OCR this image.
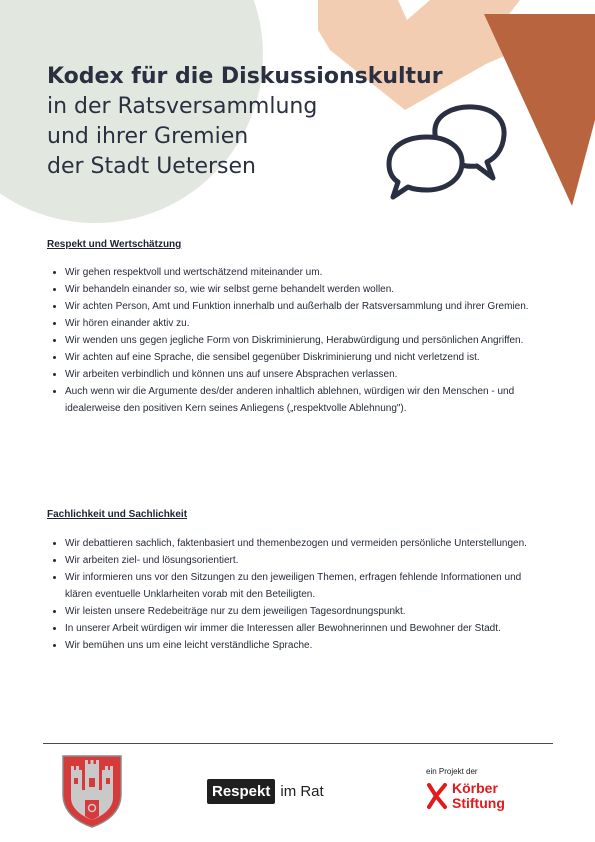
Kodex für die Diskussionskultur
in der Ratsversammlung
und ihrer Gremien
der Stadt Uetersen
Respekt und Wertschätzung
Wir gehen respektvoll und wertschätzend miteinander um.
Wir behandeln einander so, wie wir selbst gerne behandelt werden wollen.
Wir achten Person, Amt und Funktion innerhalb und außerhalb der Ratsversammlung und ihrer Gremien.
Wir hören einander aktiv zu.
Wir wenden uns gegen jegliche Form von Diskriminierung, Herabwürdigung und persönlichen Angriffen.
Wir achten auf eine Sprache, die sensibel gegenüber Diskriminierung und nicht verletzend ist.
Wir arbeiten verbindlich und können uns auf unsere Absprachen verlassen.
Auch wenn wir die Argumente des/der anderen inhaltlich ablehnen, würdigen wir den Menschen - und idealerweise den positiven Kern seines Anliegens („respektvolle Ablehnung").
Fachlichkeit und Sachlichkeit
Wir debattieren sachlich, faktenbasiert und themenbezogen und vermeiden persönliche Unterstellungen.
Wir arbeiten ziel- und lösungsorientiert.
Wir informieren uns vor den Sitzungen zu den jeweiligen Themen, erfragen fehlende Informationen und klären eventuelle Unklarheiten vorab mit den Beteiligten.
Wir leisten unsere Redebeiträge nur zu dem jeweiligen Tagesordnungspunkt.
In unserer Arbeit würdigen wir immer die Interessen aller Bewohnerinnen und Bewohner der Stadt.
Wir bemühen uns um eine leicht verständliche Sprache.
Respekt im Rat
ein Projekt der
Körber
Stiftung
